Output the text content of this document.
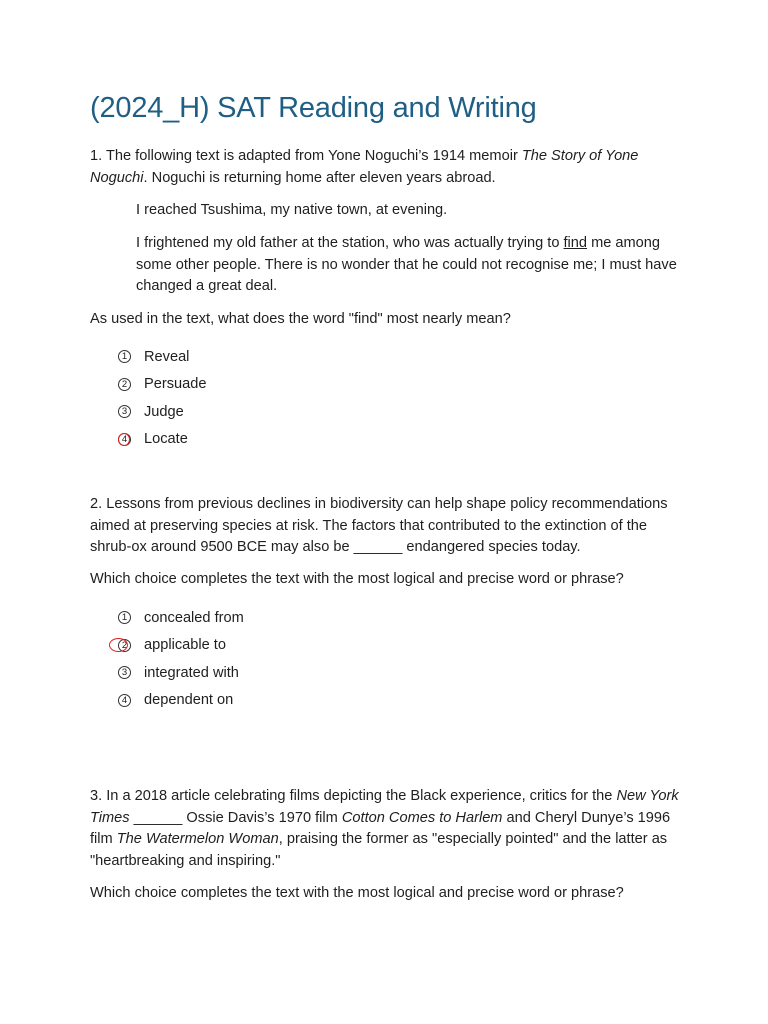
(2024_H) SAT Reading and Writing
1. The following text is adapted from Yone Noguchi’s 1914 memoir The Story of Yone Noguchi. Noguchi is returning home after eleven years abroad.
I reached Tsushima, my native town, at evening.
I frightened my old father at the station, who was actually trying to find me among some other people. There is no wonder that he could not recognise me; I must have changed a great deal.
As used in the text, what does the word "find" most nearly mean?
1 Reveal
2 Persuade
3 Judge
4 Locate
2. Lessons from previous declines in biodiversity can help shape policy recommendations aimed at preserving species at risk. The factors that contributed to the extinction of the shrub-ox around 9500 BCE may also be ______ endangered species today.
Which choice completes the text with the most logical and precise word or phrase?
1 concealed from
2 applicable to
3 integrated with
4 dependent on
3. In a 2018 article celebrating films depicting the Black experience, critics for the New York Times ______ Ossie Davis’s 1970 film Cotton Comes to Harlem and Cheryl Dunye’s 1996 film The Watermelon Woman, praising the former as "especially pointed" and the latter as "heartbreaking and inspiring."
Which choice completes the text with the most logical and precise word or phrase?
